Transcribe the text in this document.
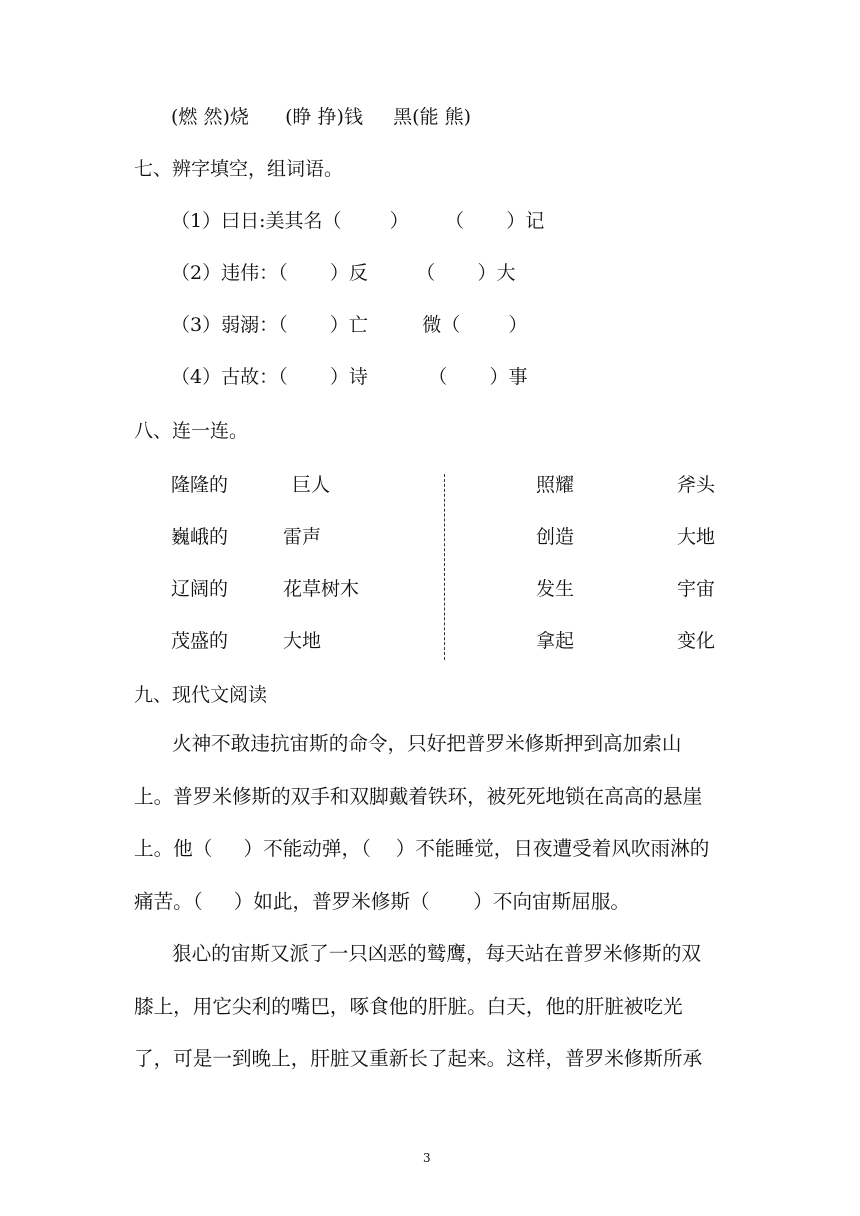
(燃 然)烧      (睁 挣)钱     黑(能 熊)
七、辨字填空，组词语。
（1）曰日:美其名（        ）      （       ）记
（2）违伟：（       ）反        （       ）大
（3）弱溺：（       ）亡         微（        ）
（4）古故：（       ）诗          （       ）事
八、连一连。
隆隆的	巨人	照耀	斧头
巍峨的	雷声	创造	大地
辽阔的	花草树木	发生	宇宙
茂盛的	大地	拿起	变化
九、现代文阅读
火神不敢违抗宙斯的命令，只好把普罗米修斯押到高加索山
上。普罗米修斯的双手和双脚戴着铁环，被死死地锁在高高的悬崖
上。他（     ）不能动弹，（    ）不能睡觉，日夜遭受着风吹雨淋的
痛苦。（     ）如此，普罗米修斯（       ）不向宙斯屈服。
狠心的宙斯又派了一只凶恶的鹫鹰，每天站在普罗米修斯的双
膝上，用它尖利的嘴巴，啄食他的肝脏。白天，他的肝脏被吃光
了，可是一到晚上，肝脏又重新长了起来。这样，普罗米修斯所承
3
